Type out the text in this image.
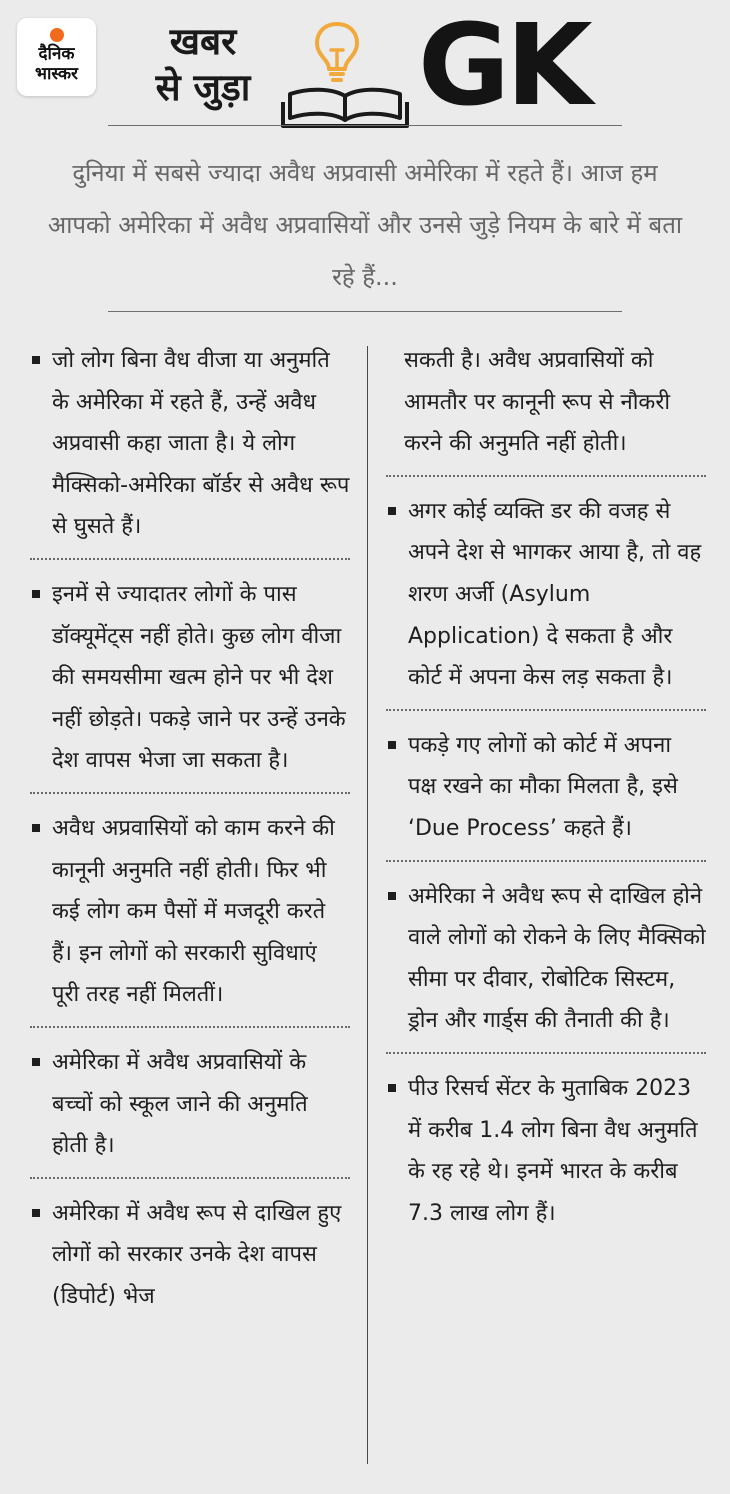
दैनिक
भास्कर
खबर
से जुड़ा GK
दुनिया में सबसे ज्यादा अवैध अप्रवासी अमेरिका में रहते हैं। आज हम आपको अमेरिका में अवैध अप्रवासियों और उनसे जुड़े नियम के बारे में बता रहे हैं...
जो लोग बिना वैध वीजा या अनुमति के अमेरिका में रहते हैं, उन्हें अवैध अप्रवासी कहा जाता है। ये लोग मैक्सिको-अमेरिका बॉर्डर से अवैध रूप से घुसते हैं।
इनमें से ज्यादातर लोगों के पास डॉक्यूमेंट्स नहीं होते। कुछ लोग वीजा की समयसीमा खत्म होने पर भी देश नहीं छोड़ते। पकड़े जाने पर उन्हें उनके देश वापस भेजा जा सकता है।
अवैध अप्रवासियों को काम करने की कानूनी अनुमति नहीं होती। फिर भी कई लोग कम पैसों में मजदूरी करते हैं। इन लोगों को सरकारी सुविधाएं पूरी तरह नहीं मिलतीं।
अमेरिका में अवैध अप्रवासियों के बच्चों को स्कूल जाने की अनुमति होती है।
अमेरिका में अवैध रूप से दाखिल हुए लोगों को सरकार उनके देश वापस (डिपोर्ट) भेज
सकती है। अवैध अप्रवासियों को आमतौर पर कानूनी रूप से नौकरी करने की अनुमति नहीं होती।
अगर कोई व्यक्ति डर की वजह से अपने देश से भागकर आया है, तो वह शरण अर्जी (Asylum Application) दे सकता है और कोर्ट में अपना केस लड़ सकता है।
पकड़े गए लोगों को कोर्ट में अपना पक्ष रखने का मौका मिलता है, इसे ‘Due Process’ कहते हैं।
अमेरिका ने अवैध रूप से दाखिल होने वाले लोगों को रोकने के लिए मैक्सिको सीमा पर दीवार, रोबोटिक सिस्टम, ड्रोन और गार्ड्स की तैनाती की है।
पीउ रिसर्च सेंटर के मुताबिक 2023 में करीब 1.4 लोग बिना वैध अनुमति के रह रहे थे। इनमें भारत के करीब 7.3 लाख लोग हैं।
